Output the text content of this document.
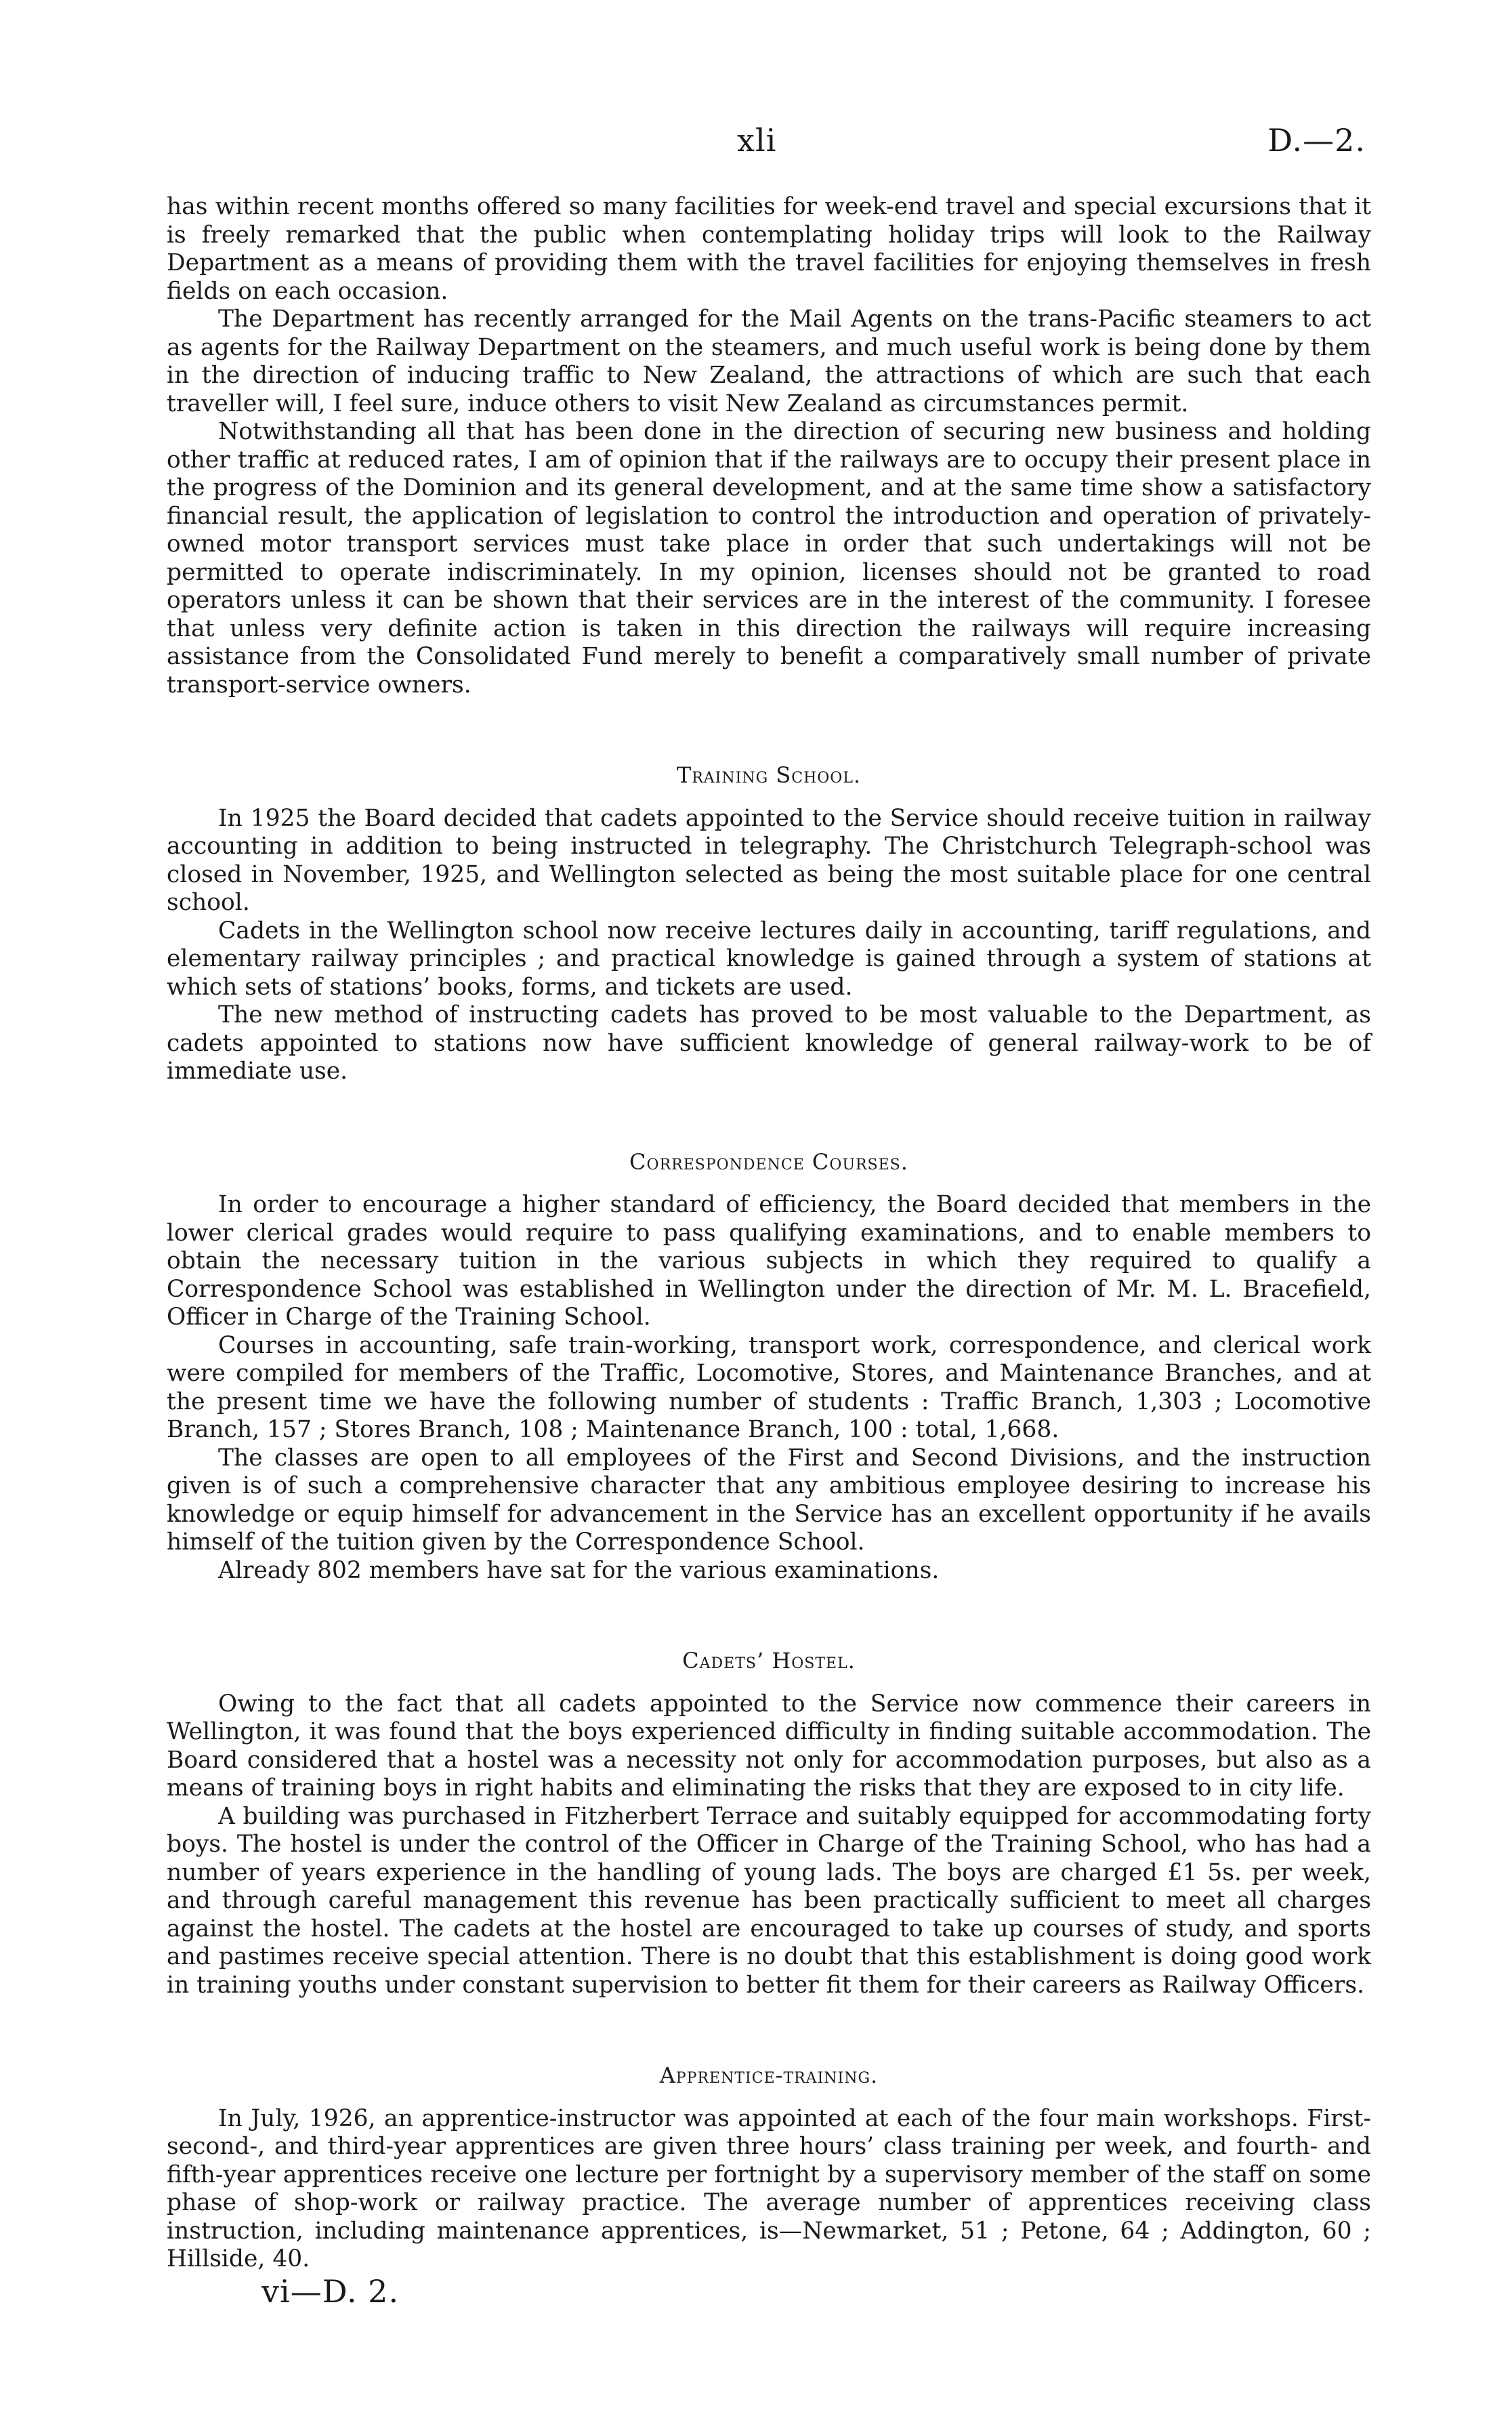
xli	D.—2.

has within recent months offered so many facilities for week-end travel and special excursions that it is freely remarked that the public when contemplating holiday trips will look to the Railway Department as a means of providing them with the travel facilities for enjoying themselves in fresh fields on each occasion.

The Department has recently arranged for the Mail Agents on the trans-Pacific steamers to act as agents for the Railway Department on the steamers, and much useful work is being done by them in the direction of inducing traffic to New Zealand, the attractions of which are such that each traveller will, I feel sure, induce others to visit New Zealand as circumstances permit.

Notwithstanding all that has been done in the direction of securing new business and holding other traffic at reduced rates, I am of opinion that if the railways are to occupy their present place in the progress of the Dominion and its general development, and at the same time show a satisfactory financial result, the application of legislation to control the introduction and operation of privately-owned motor transport services must take place in order that such undertakings will not be permitted to operate indiscriminately. In my opinion, licenses should not be granted to road operators unless it can be shown that their services are in the interest of the community. I foresee that unless very definite action is taken in this direction the railways will require increasing assistance from the Consolidated Fund merely to benefit a comparatively small number of private transport-service owners.

Training School.

In 1925 the Board decided that cadets appointed to the Service should receive tuition in railway accounting in addition to being instructed in telegraphy. The Christchurch Telegraph-school was closed in November, 1925, and Wellington selected as being the most suitable place for one central school.

Cadets in the Wellington school now receive lectures daily in accounting, tariff regulations, and elementary railway principles ; and practical knowledge is gained through a system of stations at which sets of stations’ books, forms, and tickets are used.

The new method of instructing cadets has proved to be most valuable to the Department, as cadets appointed to stations now have sufficient knowledge of general railway-work to be of immediate use.

Correspondence Courses.

In order to encourage a higher standard of efficiency, the Board decided that members in the lower clerical grades would require to pass qualifying examinations, and to enable members to obtain the necessary tuition in the various subjects in which they required to qualify a Correspondence School was established in Wellington under the direction of Mr. M. L. Bracefield, Officer in Charge of the Training School.

Courses in accounting, safe train-working, transport work, correspondence, and clerical work were compiled for members of the Traffic, Locomotive, Stores, and Maintenance Branches, and at the present time we have the following number of students : Traffic Branch, 1,303 ; Locomotive Branch, 157 ; Stores Branch, 108 ; Maintenance Branch, 100 : total, 1,668.

The classes are open to all employees of the First and Second Divisions, and the instruction given is of such a comprehensive character that any ambitious employee desiring to increase his knowledge or equip himself for advancement in the Service has an excellent opportunity if he avails himself of the tuition given by the Correspondence School.

Already 802 members have sat for the various examinations.

Cadets’ Hostel.

Owing to the fact that all cadets appointed to the Service now commence their careers in Wellington, it was found that the boys experienced difficulty in finding suitable accommodation. The Board considered that a hostel was a necessity not only for accommodation purposes, but also as a means of training boys in right habits and eliminating the risks that they are exposed to in city life.

A building was purchased in Fitzherbert Terrace and suitably equipped for accommodating forty boys. The hostel is under the control of the Officer in Charge of the Training School, who has had a number of years experience in the handling of young lads. The boys are charged £1 5s. per week, and through careful management this revenue has been practically sufficient to meet all charges against the hostel. The cadets at the hostel are encouraged to take up courses of study, and sports and pastimes receive special attention. There is no doubt that this establishment is doing good work in training youths under constant supervision to better fit them for their careers as Railway Officers.

Apprentice-training.

In July, 1926, an apprentice-instructor was appointed at each of the four main workshops. First-second-, and third-year apprentices are given three hours’ class training per week, and fourth- and fifth-year apprentices receive one lecture per fortnight by a supervisory member of the staff on some phase of shop-work or railway practice. The average number of apprentices receiving class instruction, including maintenance apprentices, is—Newmarket, 51 ; Petone, 64 ; Addington, 60 ; Hillside, 40.

vi—D. 2.
